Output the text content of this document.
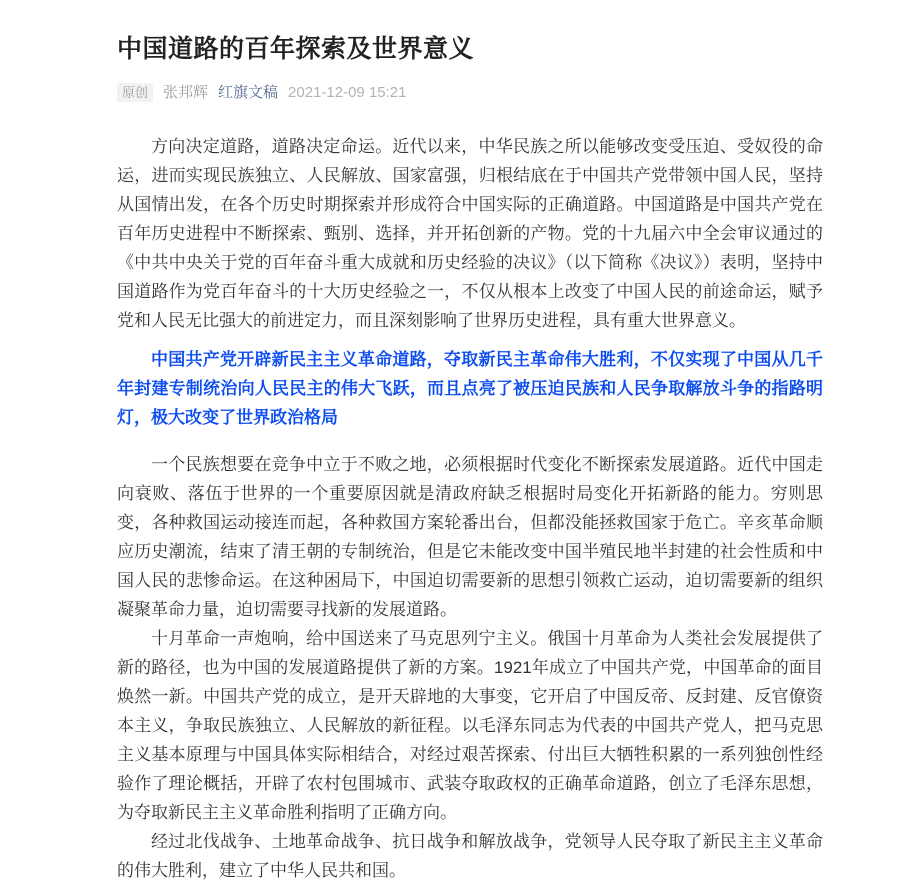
中国道路的百年探索及世界意义
原创	张邦辉 红旗文稿 2021-12-09 15:21

方向决定道路，道路决定命运。近代以来，中华民族之所以能够改变受压迫、受奴役的命运，进而实现民族独立、人民解放、国家富强，归根结底在于中国共产党带领中国人民，坚持从国情出发，在各个历史时期探索并形成符合中国实际的正确道路。中国道路是中国共产党在百年历史进程中不断探索、甄别、选择，并开拓创新的产物。党的十九届六中全会审议通过的《中共中央关于党的百年奋斗重大成就和历史经验的决议》（以下简称《决议》）表明，坚持中国道路作为党百年奋斗的十大历史经验之一，不仅从根本上改变了中国人民的前途命运，赋予党和人民无比强大的前进定力，而且深刻影响了世界历史进程，具有重大世界意义。

中国共产党开辟新民主主义革命道路，夺取新民主革命伟大胜利，不仅实现了中国从几千年封建专制统治向人民民主的伟大飞跃，而且点亮了被压迫民族和人民争取解放斗争的指路明灯，极大改变了世界政治格局

一个民族想要在竞争中立于不败之地，必须根据时代变化不断探索发展道路。近代中国走向衰败、落伍于世界的一个重要原因就是清政府缺乏根据时局变化开拓新路的能力。穷则思变，各种救国运动接连而起，各种救国方案轮番出台，但都没能拯救国家于危亡。辛亥革命顺应历史潮流，结束了清王朝的专制统治，但是它未能改变中国半殖民地半封建的社会性质和中国人民的悲惨命运。在这种困局下，中国迫切需要新的思想引领救亡运动，迫切需要新的组织凝聚革命力量，迫切需要寻找新的发展道路。

十月革命一声炮响，给中国送来了马克思列宁主义。俄国十月革命为人类社会发展提供了新的路径，也为中国的发展道路提供了新的方案。1921年成立了中国共产党，中国革命的面目焕然一新。中国共产党的成立，是开天辟地的大事变，它开启了中国反帝、反封建、反官僚资本主义，争取民族独立、人民解放的新征程。以毛泽东同志为代表的中国共产党人，把马克思主义基本原理与中国具体实际相结合，对经过艰苦探索、付出巨大牺牲积累的一系列独创性经验作了理论概括，开辟了农村包围城市、武装夺取政权的正确革命道路，创立了毛泽东思想，为夺取新民主主义革命胜利指明了正确方向。

经过北伐战争、土地革命战争、抗日战争和解放战争，党领导人民夺取了新民主主义革命的伟大胜利，建立了中华人民共和国。
